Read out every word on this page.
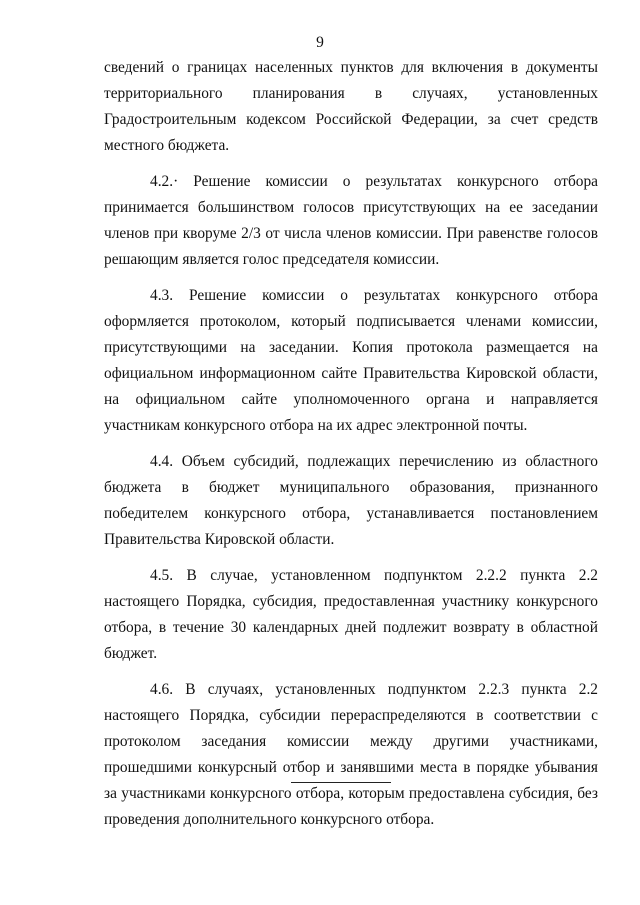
9

сведений о границах населенных пунктов для включения в документы территориального планирования в случаях, установленных Градостроительным кодексом Российской Федерации, за счет средств местного бюджета.

4.2.· Решение комиссии о результатах конкурсного отбора принимается большинством голосов присутствующих на ее заседании членов при кворуме 2/3 от числа членов комиссии. При равенстве голосов решающим является голос председателя комиссии.

4.3. Решение комиссии о результатах конкурсного отбора оформляется протоколом, который подписывается членами комиссии, присутствующими на заседании. Копия протокола размещается на официальном информационном сайте Правительства Кировской области, на официальном сайте уполномоченного органа и направляется участникам конкурсного отбора на их адрес электронной почты.

4.4. Объем субсидий, подлежащих перечислению из областного бюджета в бюджет муниципального образования, признанного победителем конкурсного отбора, устанавливается постановлением Правительства Кировской области.

4.5. В случае, установленном подпунктом 2.2.2 пункта 2.2 настоящего Порядка, субсидия, предоставленная участнику конкурсного отбора, в течение 30 календарных дней подлежит возврату в областной бюджет.

4.6. В случаях, установленных подпунктом 2.2.3 пункта 2.2 настоящего Порядка, субсидии перераспределяются в соответствии с протоколом заседания комиссии между другими участниками, прошедшими конкурсный отбор и занявшими места в порядке убывания за участниками конкурсного отбора, которым предоставлена субсидия, без проведения дополнительного конкурсного отбора.
